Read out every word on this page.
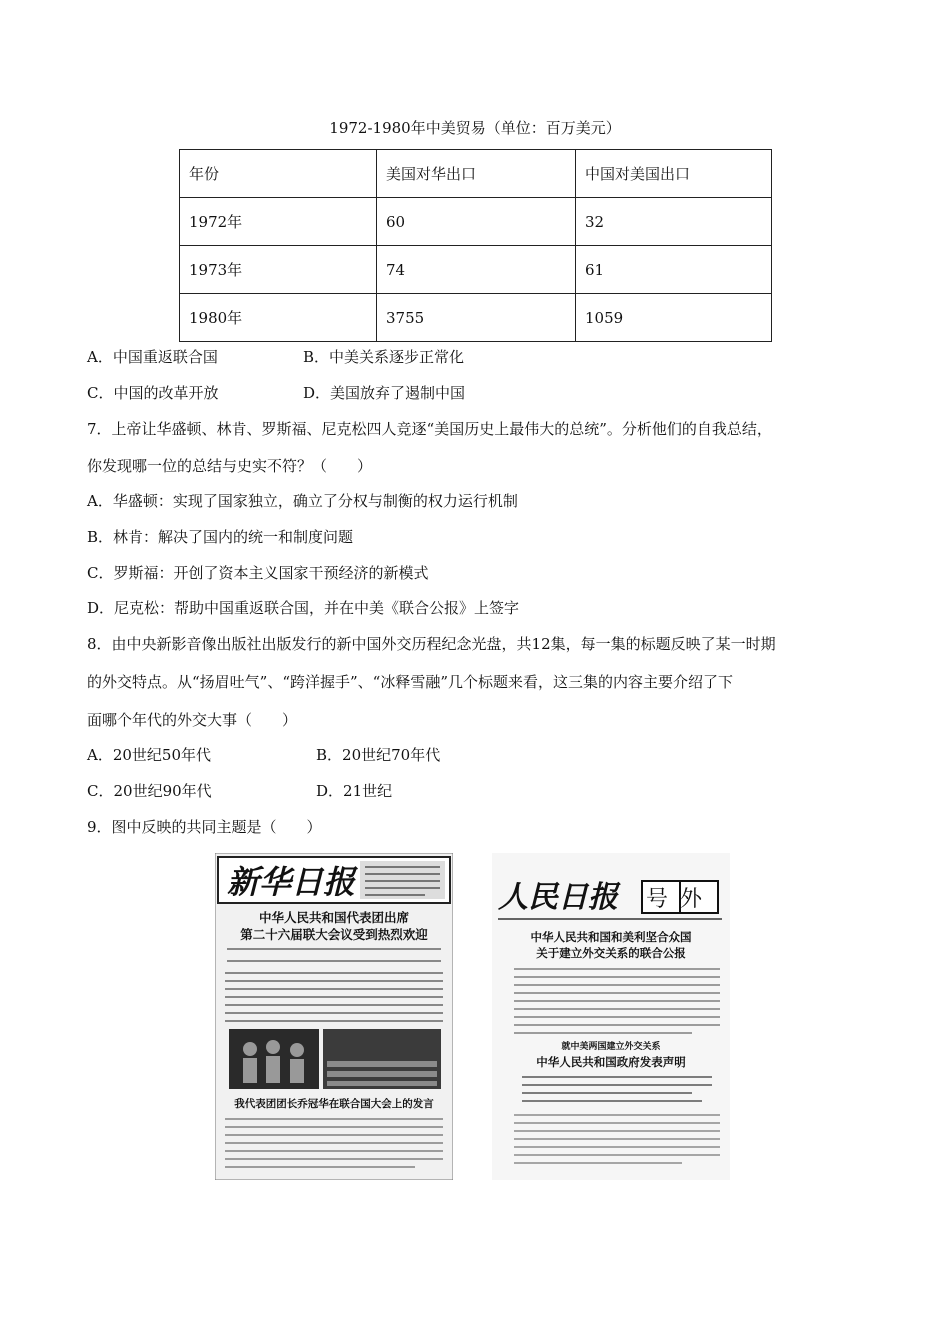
1972-1980年中美贸易（单位：百万美元）
年份	美国对华出口	中国对美国出口
1972年	60	32
1973年	74	61
1980年	3755	1059
A．中国重返联合国	B．中美关系逐步正常化
C．中国的改革开放	D．美国放弃了遏制中国
7．上帝让华盛顿、林肯、罗斯福、尼克松四人竞逐“美国历史上最伟大的总统”。分析他们的自我总结，
你发现哪一位的总结与史实不符？（　　）
A．华盛顿：实现了国家独立，确立了分权与制衡的权力运行机制
B．林肯：解决了国内的统一和制度问题
C．罗斯福：开创了资本主义国家干预经济的新模式
D．尼克松：帮助中国重返联合国，并在中美《联合公报》上签字
8．由中央新影音像出版社出版发行的新中国外交历程纪念光盘，共12集，每一集的标题反映了某一时期
的外交特点。从“扬眉吐气”、“跨洋握手”、“冰释雪融”几个标题来看，这三集的内容主要介绍了下
面哪个年代的外交大事（　　）
A．20世纪50年代	B．20世纪70年代
C．20世纪90年代	D．21世纪
9．图中反映的共同主题是（　　）
新华日报
中华人民共和国代表团出席
第二十六届联大会议受到热烈欢迎
我代表团团长乔冠华在联合国大会上的发言
人民日报 号外
中华人民共和国和美利坚合众国
关于建立外交关系的联合公报
就中美两国建立外交关系
中华人民共和国政府发表声明
